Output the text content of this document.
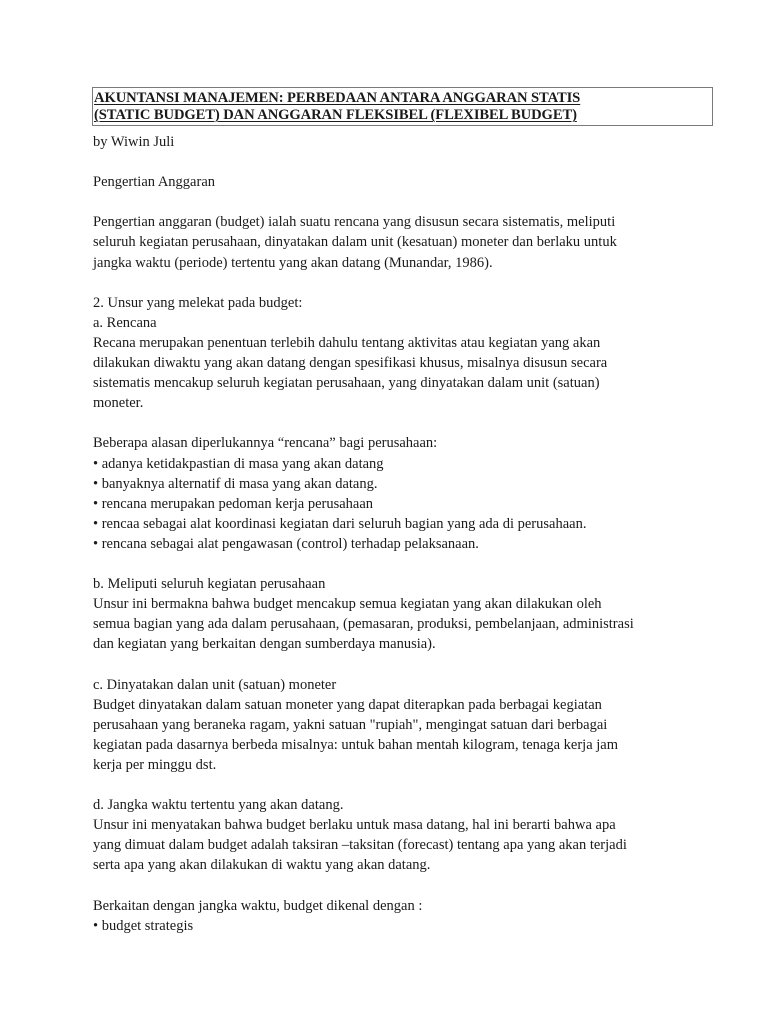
AKUNTANSI MANAJEMEN: PERBEDAAN ANTARA ANGGARAN STATIS
(STATIC BUDGET) DAN ANGGARAN FLEKSIBEL (FLEXIBEL BUDGET)
by Wiwin Juli
Pengertian Anggaran
Pengertian anggaran (budget) ialah suatu rencana yang disusun secara sistematis, meliputi
seluruh kegiatan perusahaan, dinyatakan dalam unit (kesatuan) moneter dan berlaku untuk
jangka waktu (periode) tertentu yang akan datang (Munandar, 1986).
2. Unsur yang melekat pada budget:
a. Rencana
Recana merupakan penentuan terlebih dahulu tentang aktivitas atau kegiatan yang akan
dilakukan diwaktu yang akan datang dengan spesifikasi khusus, misalnya disusun secara
sistematis mencakup seluruh kegiatan perusahaan, yang dinyatakan dalam unit (satuan)
moneter.
Beberapa alasan diperlukannya “rencana” bagi perusahaan:
• adanya ketidakpastian di masa yang akan datang
• banyaknya alternatif di masa yang akan datang.
• rencana merupakan pedoman kerja perusahaan
• rencaa sebagai alat koordinasi kegiatan dari seluruh bagian yang ada di perusahaan.
• rencana sebagai alat pengawasan (control) terhadap pelaksanaan.
b. Meliputi seluruh kegiatan perusahaan
Unsur ini bermakna bahwa budget mencakup semua kegiatan yang akan dilakukan oleh
semua bagian yang ada dalam perusahaan, (pemasaran, produksi, pembelanjaan, administrasi
dan kegiatan yang berkaitan dengan sumberdaya manusia).
c. Dinyatakan dalan unit (satuan) moneter
Budget dinyatakan dalam satuan moneter yang dapat diterapkan pada berbagai kegiatan
perusahaan yang beraneka ragam, yakni satuan "rupiah", mengingat satuan dari berbagai
kegiatan pada dasarnya berbeda misalnya: untuk bahan mentah kilogram, tenaga kerja jam
kerja per minggu dst.
d. Jangka waktu tertentu yang akan datang.
Unsur ini menyatakan bahwa budget berlaku untuk masa datang, hal ini berarti bahwa apa
yang dimuat dalam budget adalah taksiran –taksitan (forecast) tentang apa yang akan terjadi
serta apa yang akan dilakukan di waktu yang akan datang.
Berkaitan dengan jangka waktu, budget dikenal dengan :
• budget strategis
